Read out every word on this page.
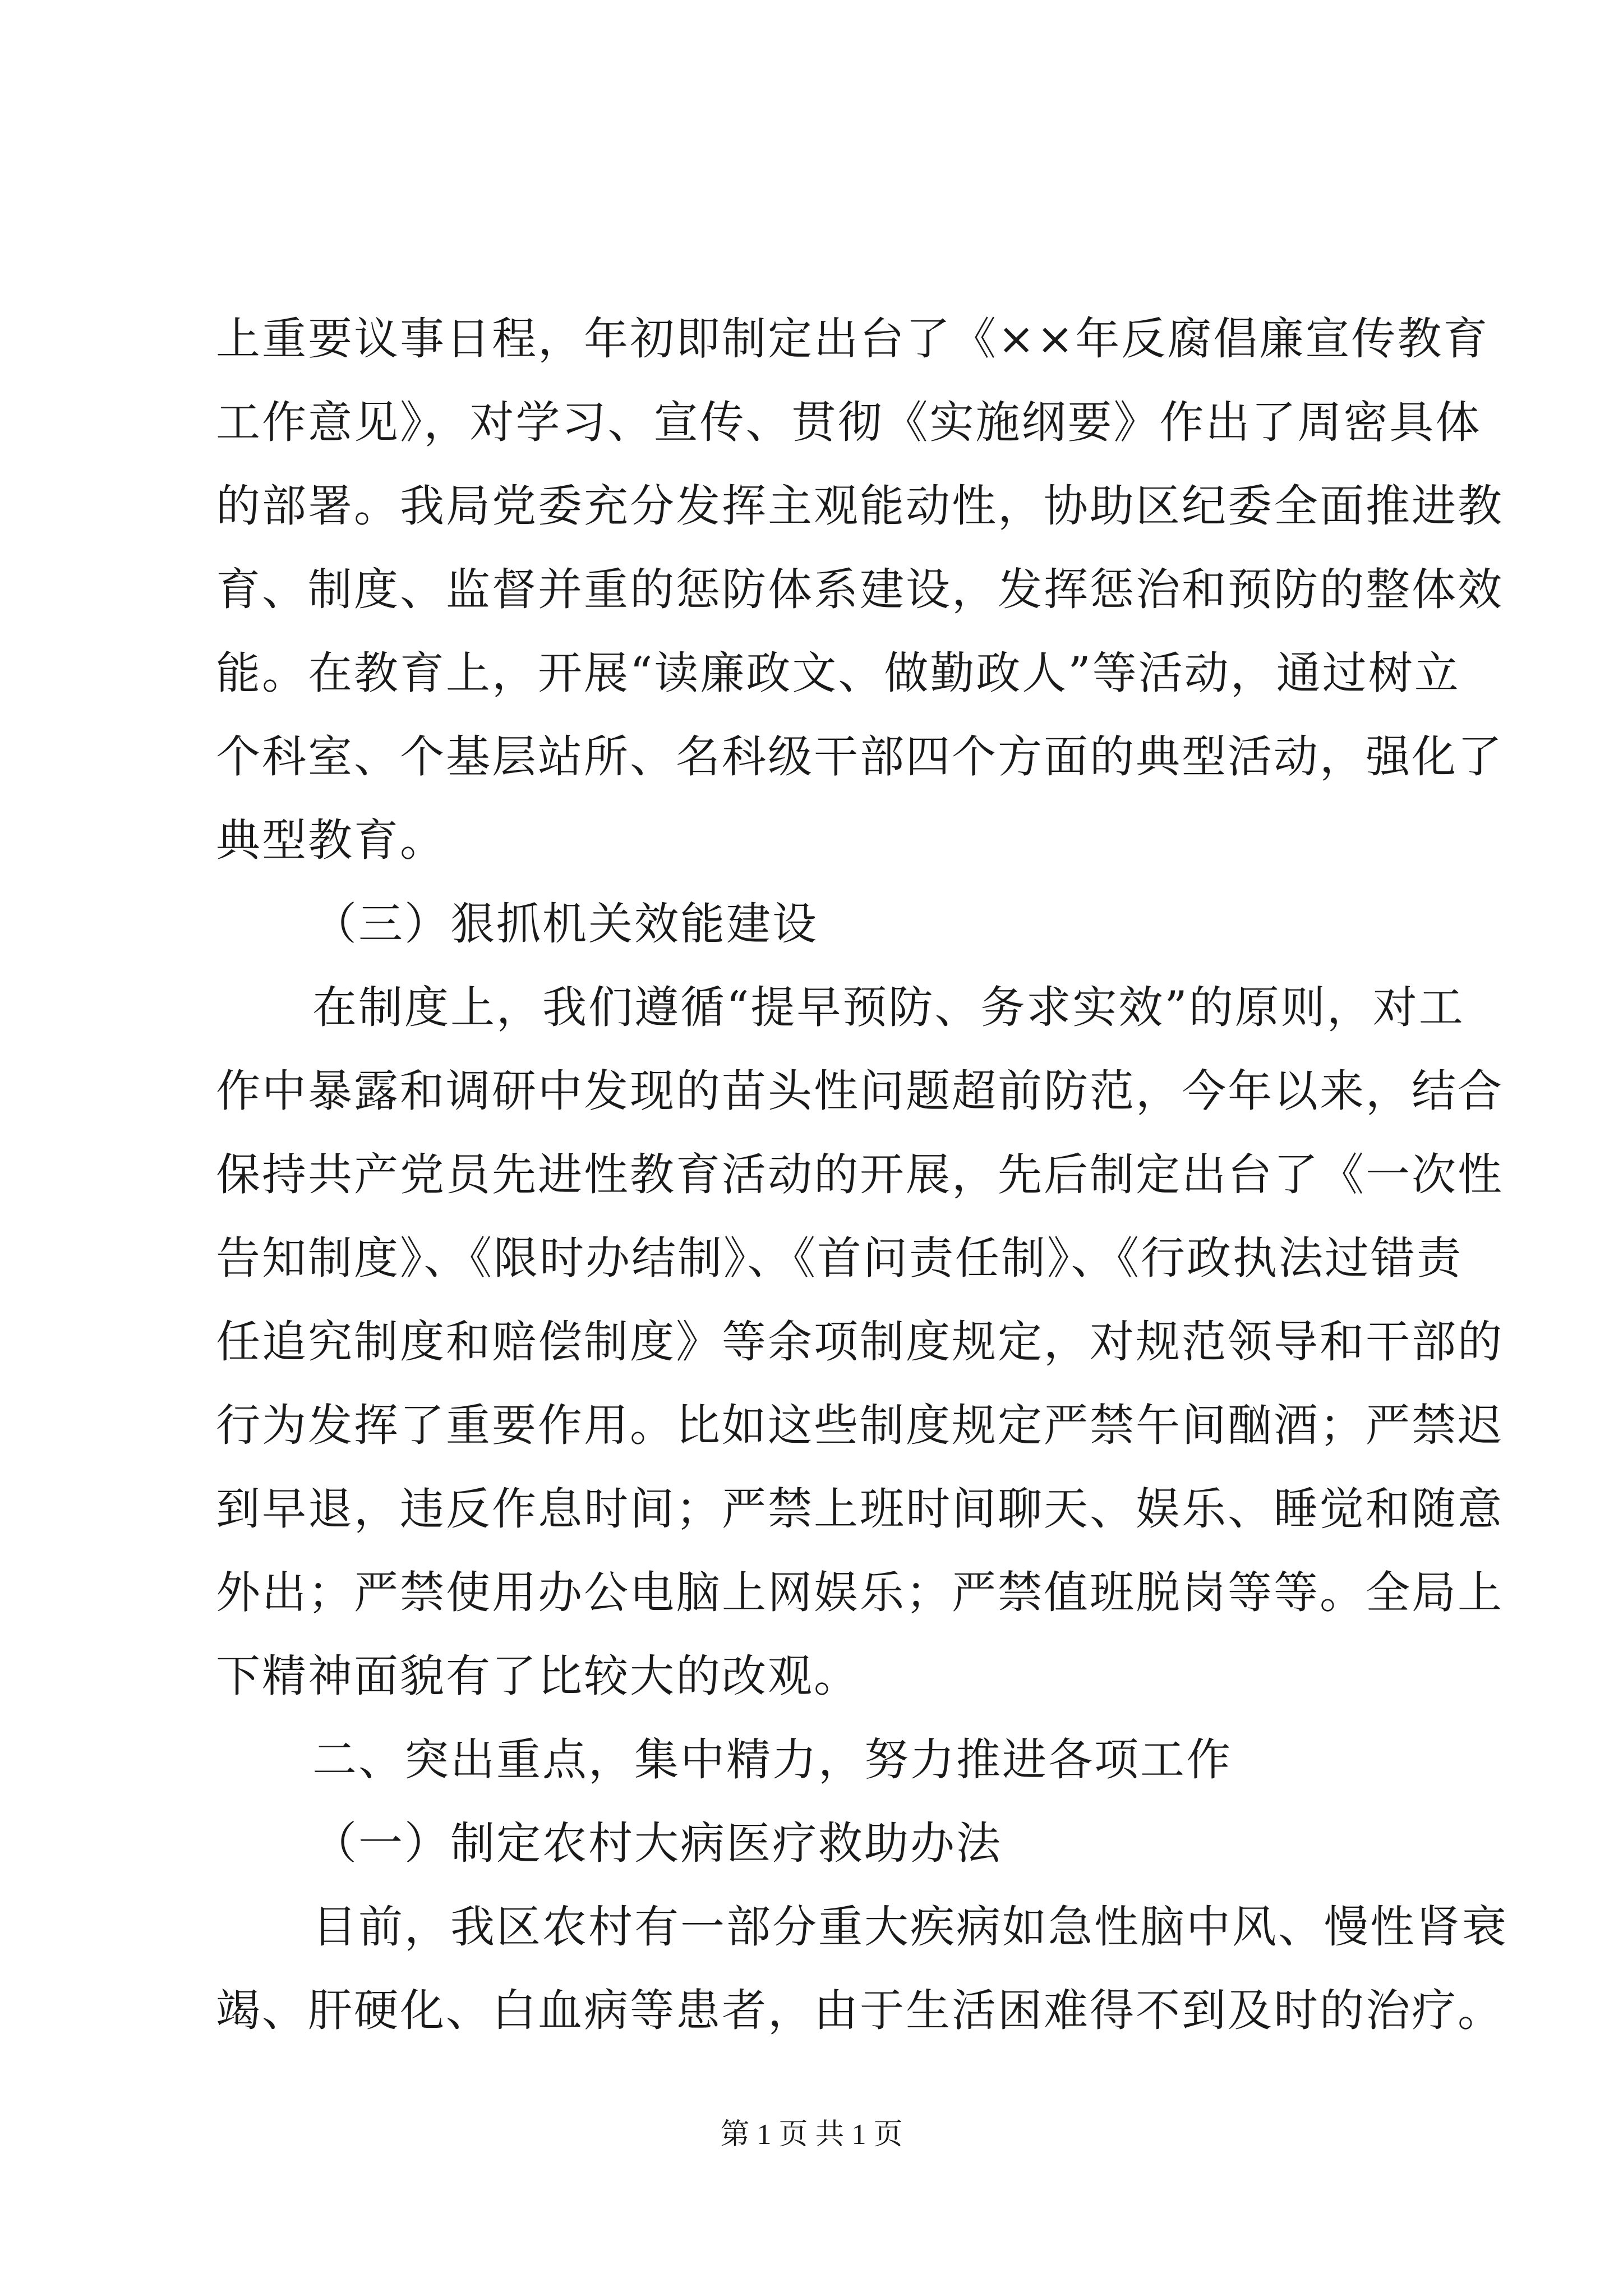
上重要议事日程，年初即制定出台了《××年反腐倡廉宣传教育
工作意见》，对学习、宣传、贯彻《实施纲要》作出了周密具体
的部署。我局党委充分发挥主观能动性，协助区纪委全面推进教
育、制度、监督并重的惩防体系建设，发挥惩治和预防的整体效
能。在教育上，开展“读廉政文、做勤政人”等活动，通过树立
个科室、个基层站所、名科级干部四个方面的典型活动，强化了
典型教育。
（三）狠抓机关效能建设
在制度上，我们遵循“提早预防、务求实效”的原则，对工
作中暴露和调研中发现的苗头性问题超前防范，今年以来，结合
保持共产党员先进性教育活动的开展，先后制定出台了《一次性
告知制度》、《限时办结制》、《首问责任制》、《行政执法过错责
任追究制度和赔偿制度》等余项制度规定，对规范领导和干部的
行为发挥了重要作用。比如这些制度规定严禁午间酗酒；严禁迟
到早退，违反作息时间；严禁上班时间聊天、娱乐、睡觉和随意
外出；严禁使用办公电脑上网娱乐；严禁值班脱岗等等。全局上
下精神面貌有了比较大的改观。
二、突出重点，集中精力，努力推进各项工作
（一）制定农村大病医疗救助办法
目前，我区农村有一部分重大疾病如急性脑中风、慢性肾衰
竭、肝硬化、白血病等患者，由于生活困难得不到及时的治疗。
第 1 页 共 1 页
